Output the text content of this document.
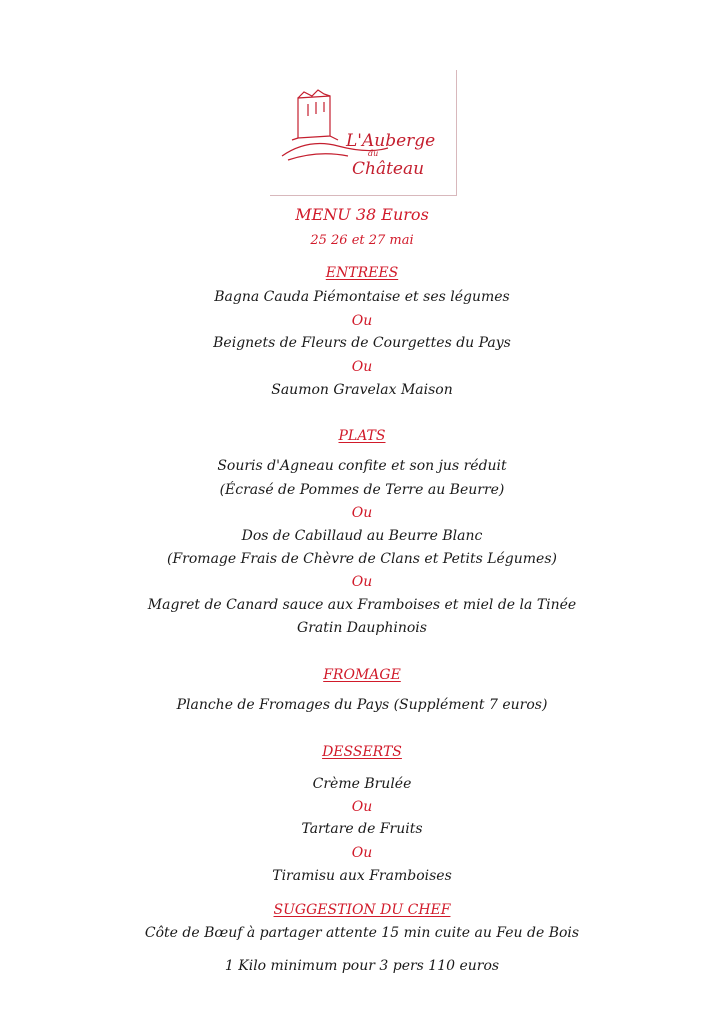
L'Auberge
du
Château
MENU 38 Euros
25 26 et 27 mai
ENTREES
Bagna Cauda Piémontaise et ses légumes
Ou
Beignets de Fleurs de Courgettes du Pays
Ou
Saumon Gravelax Maison
PLATS
Souris d'Agneau confite et son jus réduit
(Écrasé de Pommes de Terre au Beurre)
Ou
Dos de Cabillaud au Beurre Blanc
(Fromage Frais de Chèvre de Clans et Petits Légumes)
Ou
Magret de Canard sauce aux Framboises et miel de la Tinée
Gratin Dauphinois
FROMAGE
Planche de Fromages du Pays (Supplément 7 euros)
DESSERTS
Crème Brulée
Ou
Tartare de Fruits
Ou
Tiramisu aux Framboises
SUGGESTION DU CHEF
Côte de Bœuf à partager attente 15 min cuite au Feu de Bois
1 Kilo minimum pour 3 pers 110 euros
